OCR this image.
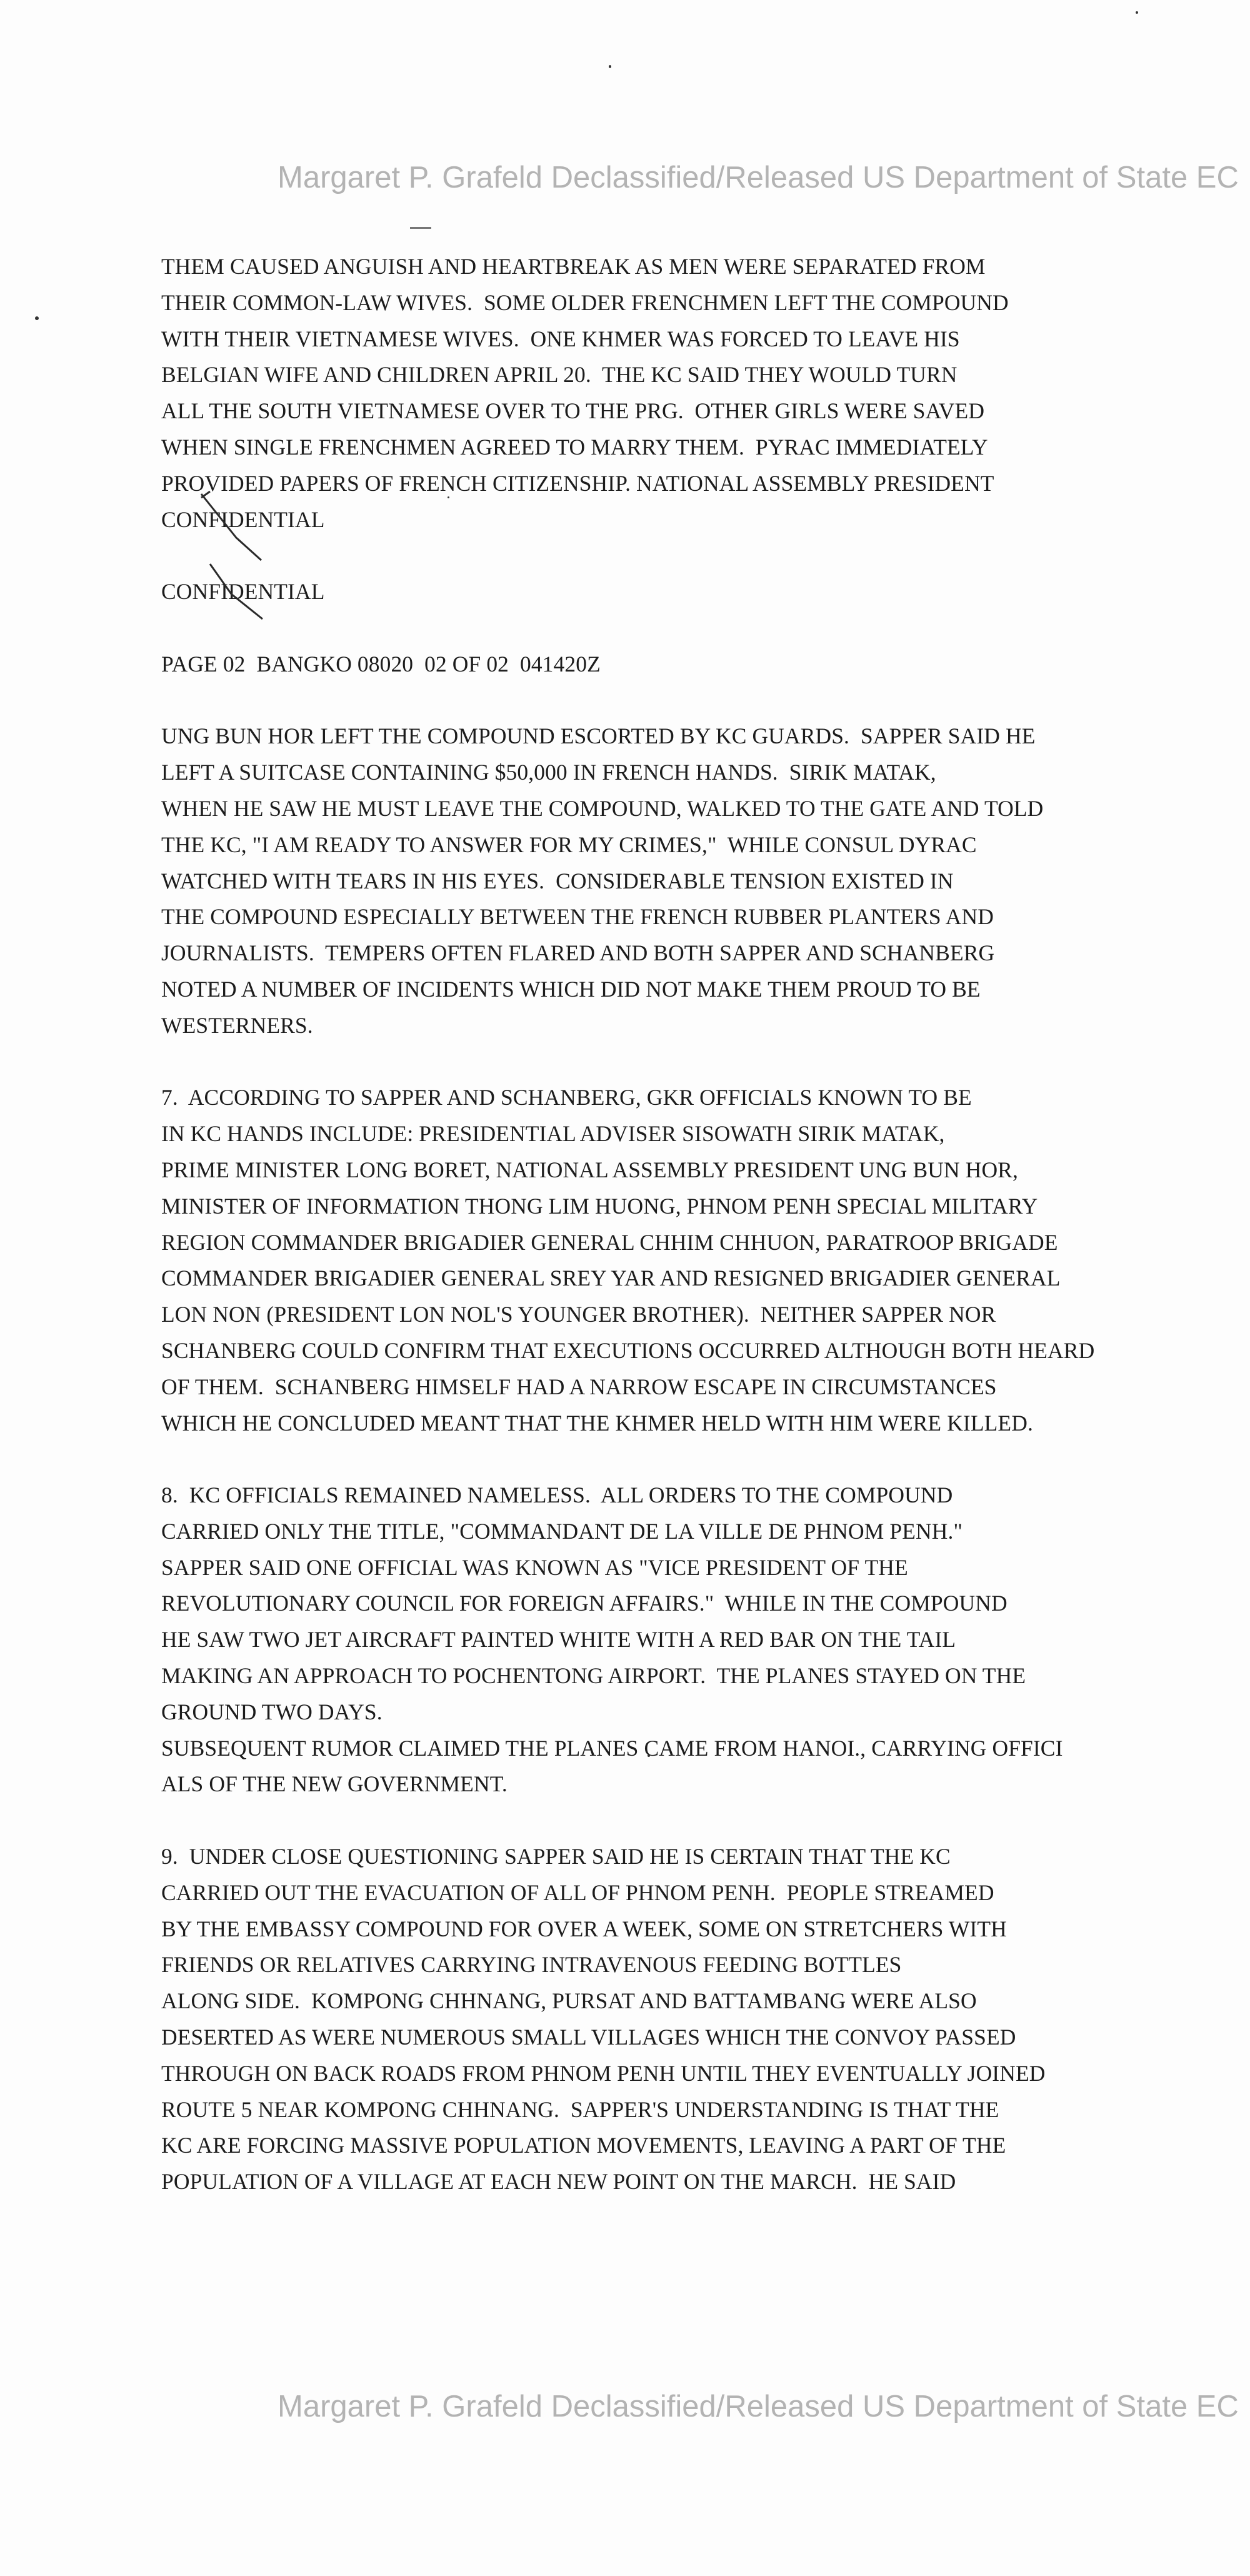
Margaret P. Grafeld Declassified/Released US Department of State EC
THEM CAUSED ANGUISH AND HEARTBREAK AS MEN WERE SEPARATED FROM
THEIR COMMON-LAW WIVES.  SOME OLDER FRENCHMEN LEFT THE COMPOUND
WITH THEIR VIETNAMESE WIVES.  ONE KHMER WAS FORCED TO LEAVE HIS
BELGIAN WIFE AND CHILDREN APRIL 20.  THE KC SAID THEY WOULD TURN
ALL THE SOUTH VIETNAMESE OVER TO THE PRG.  OTHER GIRLS WERE SAVED
WHEN SINGLE FRENCHMEN AGREED TO MARRY THEM.  PYRAC IMMEDIATELY
PROVIDED PAPERS OF FRENCH CITIZENSHIP. NATIONAL ASSEMBLY PRESIDENT
CONFIDENTIAL
CONFIDENTIAL
PAGE 02  BANGKO 08020  02 OF 02  041420Z
UNG BUN HOR LEFT THE COMPOUND ESCORTED BY KC GUARDS.  SAPPER SAID HE
LEFT A SUITCASE CONTAINING $50,000 IN FRENCH HANDS.  SIRIK MATAK,
WHEN HE SAW HE MUST LEAVE THE COMPOUND, WALKED TO THE GATE AND TOLD
THE KC, "I AM READY TO ANSWER FOR MY CRIMES,"  WHILE CONSUL DYRAC
WATCHED WITH TEARS IN HIS EYES.  CONSIDERABLE TENSION EXISTED IN
THE COMPOUND ESPECIALLY BETWEEN THE FRENCH RUBBER PLANTERS AND
JOURNALISTS.  TEMPERS OFTEN FLARED AND BOTH SAPPER AND SCHANBERG
NOTED A NUMBER OF INCIDENTS WHICH DID NOT MAKE THEM PROUD TO BE
WESTERNERS.
7.  ACCORDING TO SAPPER AND SCHANBERG, GKR OFFICIALS KNOWN TO BE
IN KC HANDS INCLUDE: PRESIDENTIAL ADVISER SISOWATH SIRIK MATAK,
PRIME MINISTER LONG BORET, NATIONAL ASSEMBLY PRESIDENT UNG BUN HOR,
MINISTER OF INFORMATION THONG LIM HUONG, PHNOM PENH SPECIAL MILITARY
REGION COMMANDER BRIGADIER GENERAL CHHIM CHHUON, PARATROOP BRIGADE
COMMANDER BRIGADIER GENERAL SREY YAR AND RESIGNED BRIGADIER GENERAL
LON NON (PRESIDENT LON NOL'S YOUNGER BROTHER).  NEITHER SAPPER NOR
SCHANBERG COULD CONFIRM THAT EXECUTIONS OCCURRED ALTHOUGH BOTH HEARD
OF THEM.  SCHANBERG HIMSELF HAD A NARROW ESCAPE IN CIRCUMSTANCES
WHICH HE CONCLUDED MEANT THAT THE KHMER HELD WITH HIM WERE KILLED.
8.  KC OFFICIALS REMAINED NAMELESS.  ALL ORDERS TO THE COMPOUND
CARRIED ONLY THE TITLE, "COMMANDANT DE LA VILLE DE PHNOM PENH."
SAPPER SAID ONE OFFICIAL WAS KNOWN AS "VICE PRESIDENT OF THE
REVOLUTIONARY COUNCIL FOR FOREIGN AFFAIRS."  WHILE IN THE COMPOUND
HE SAW TWO JET AIRCRAFT PAINTED WHITE WITH A RED BAR ON THE TAIL
MAKING AN APPROACH TO POCHENTONG AIRPORT.  THE PLANES STAYED ON THE
GROUND TWO DAYS.
SUBSEQUENT RUMOR CLAIMED THE PLANES CAME FROM HANOI., CARRYING OFFICI
ALS OF THE NEW GOVERNMENT.
9.  UNDER CLOSE QUESTIONING SAPPER SAID HE IS CERTAIN THAT THE KC
CARRIED OUT THE EVACUATION OF ALL OF PHNOM PENH.  PEOPLE STREAMED
BY THE EMBASSY COMPOUND FOR OVER A WEEK, SOME ON STRETCHERS WITH
FRIENDS OR RELATIVES CARRYING INTRAVENOUS FEEDING BOTTLES
ALONG SIDE.  KOMPONG CHHNANG, PURSAT AND BATTAMBANG WERE ALSO
DESERTED AS WERE NUMEROUS SMALL VILLAGES WHICH THE CONVOY PASSED
THROUGH ON BACK ROADS FROM PHNOM PENH UNTIL THEY EVENTUALLY JOINED
ROUTE 5 NEAR KOMPONG CHHNANG.  SAPPER'S UNDERSTANDING IS THAT THE
KC ARE FORCING MASSIVE POPULATION MOVEMENTS, LEAVING A PART OF THE
POPULATION OF A VILLAGE AT EACH NEW POINT ON THE MARCH.  HE SAID
Margaret P. Grafeld Declassified/Released US Department of State EC
